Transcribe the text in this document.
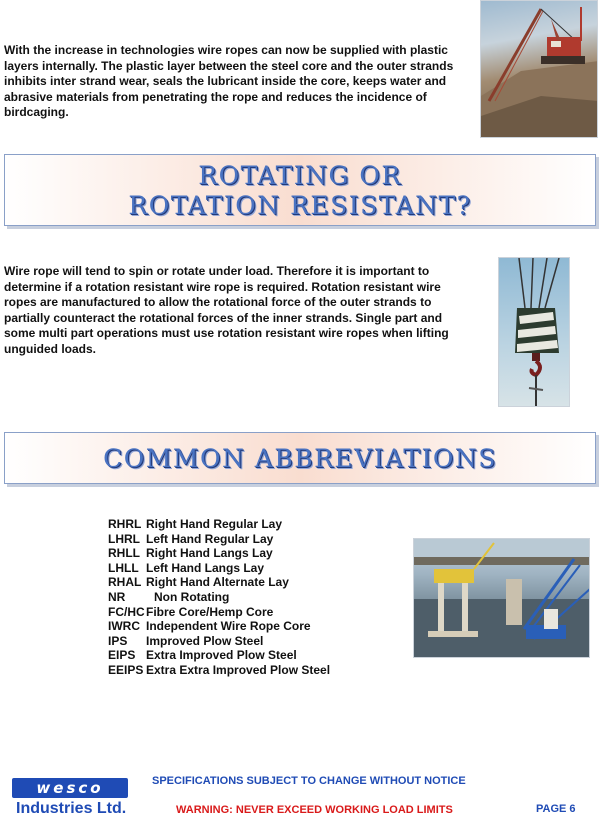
With the increase in technologies wire ropes can now be supplied with plastic layers internally. The plastic layer between the steel core and the outer strands inhibits inter strand wear, seals the lubricant inside the core, keeps water and abrasive materials from penetrating the rope and reduces the incidence of birdcaging.
ROTATING OR
ROTATION RESISTANT?
Wire rope will tend to spin or rotate under load. Therefore it is important to determine if a rotation resistant wire rope is required. Rotation resistant wire ropes are manufactured to allow the rotational force of the outer strands to partially counteract the rotational forces of the inner strands. Single part and some multi part operations must use rotation resistant wire ropes when lifting unguided loads.
COMMON ABBREVIATIONS
RHRL Right Hand Regular Lay
LHRL Left Hand Regular Lay
RHLL Right Hand Langs Lay
LHLL Left Hand Langs Lay
RHAL Right Hand Alternate Lay
NR	Non Rotating
FC/HC Fibre Core/Hemp Core
IWRC Independent Wire Rope Core
IPS	Improved Plow Steel
EIPS Extra Improved Plow Steel
EEIPS Extra Extra Improved Plow Steel
wesco
Industries Ltd.
SPECIFICATIONS SUBJECT TO CHANGE WITHOUT NOTICE
WARNING: NEVER EXCEED WORKING LOAD LIMITS	PAGE 6
